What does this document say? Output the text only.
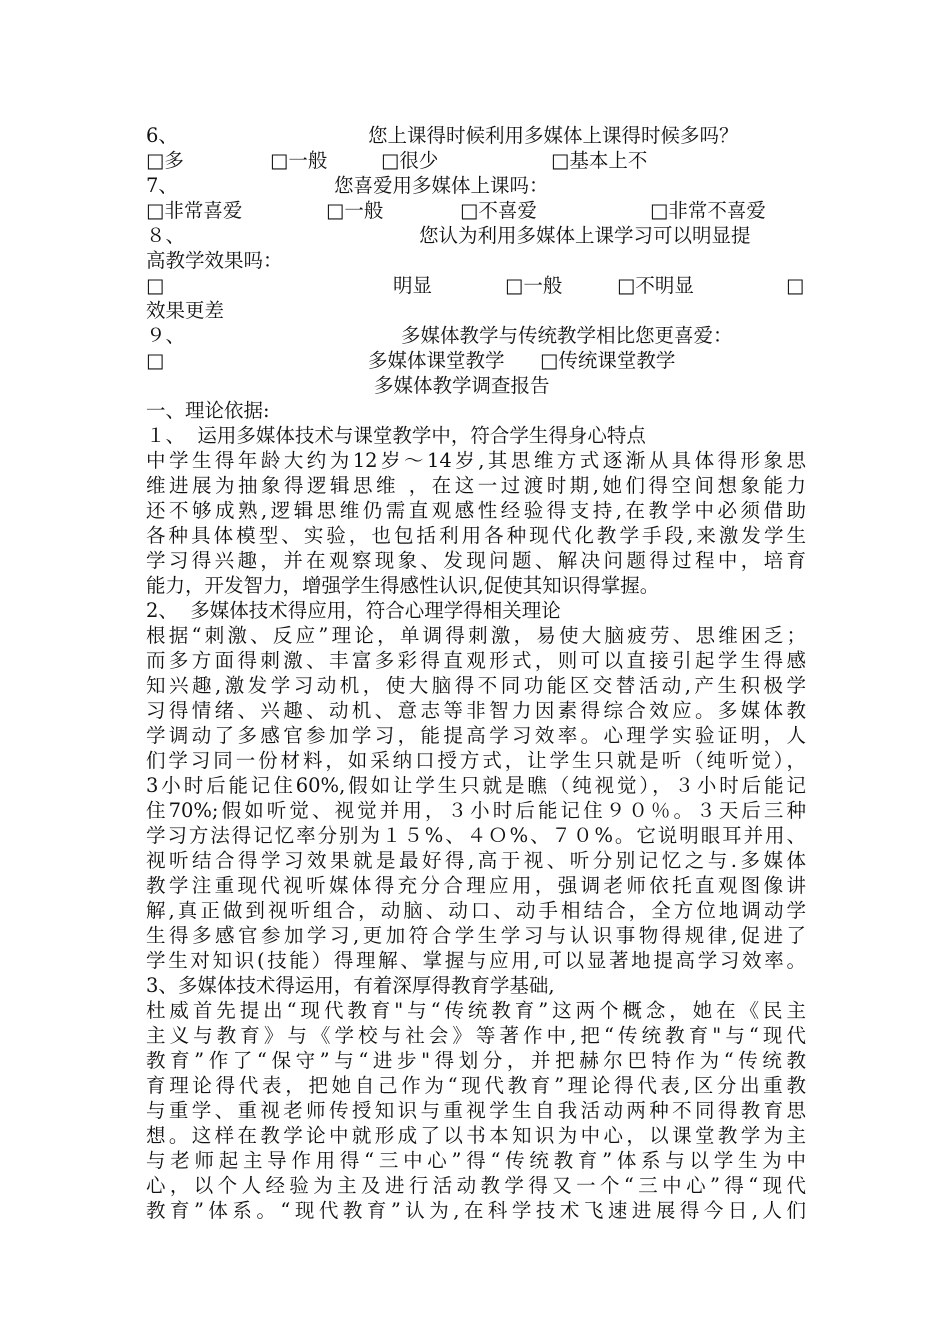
6、	您上课得时候利用多媒体上课得时候多吗？
□多	□一般	□很少	□基本上不
7、	您喜爱用多媒体上课吗：
□非常喜爱	□一般	□不喜爱	□非常不喜爱
８、	您认为利用多媒体上课学习可以明显提
高教学效果吗：
□	明显	□一般	□不明显	□
效果更差
９、	多媒体教学与传统教学相比您更喜爱：
□	多媒体课堂教学 □传统课堂教学
多媒体教学调查报告
一、理论依据:
１、  运用多媒体技术与课堂教学中，符合学生得身心特点
中学生得年龄大约为12岁～14岁,其思维方式逐渐从具体得形象思
维进展为抽象得逻辑思维 ，在这一过渡时期,她们得空间想象能力
还不够成熟,逻辑思维仍需直观感性经验得支持,在教学中必须借助
各种具体模型、实验，也包括利用各种现代化教学手段,来激发学生
学习得兴趣，并在观察现象、发现问题、解决问题得过程中，培育
能力，开发智力，增强学生得感性认识,促使其知识得掌握。
2、  多媒体技术得应用，符合心理学得相关理论
根据“刺激、反应”理论，单调得刺激，易使大脑疲劳、思维困乏；
而多方面得刺激、丰富多彩得直观形式，则可以直接引起学生得感
知兴趣,激发学习动机，使大脑得不同功能区交替活动,产生积极学
习得情绪、兴趣、动机、意志等非智力因素得综合效应。多媒体教
学调动了多感官参加学习，能提高学习效率。心理学实验证明，人
们学习同一份材料，如采纳口授方式，让学生只就是听（纯听觉），
3小时后能记住60%,假如让学生只就是瞧（纯视觉），３小时后能记
住70%;假如听觉、视觉并用，３小时后能记住９０％。３天后三种
学习方法得记忆率分别为１５%、４Ｏ%、７０%。它说明眼耳并用、
视听结合得学习效果就是最好得,高于视、听分别记忆之与.多媒体
教学注重现代视听媒体得充分合理应用，强调老师依托直观图像讲
解,真正做到视听组合，动脑、动口、动手相结合，全方位地调动学
生得多感官参加学习,更加符合学生学习与认识事物得规律,促进了
学生对知识(技能）得理解、掌握与应用,可以显著地提高学习效率。
3、多媒体技术得运用，有着深厚得教育学基础,
杜威首先提出“现代教育"与“传统教育”这两个概念，她在《民主
主义与教育》与《学校与社会》等著作中,把“传统教育"与“现代
教育”作了“保守”与“进步"得划分，并把赫尔巴特作为“传统教
育理论得代表，把她自己作为“现代教育”理论得代表,区分出重教
与重学、重视老师传授知识与重视学生自我活动两种不同得教育思
想。这样在教学论中就形成了以书本知识为中心，以课堂教学为主
与老师起主导作用得“三中心”得“传统教育”体系与以学生为中
心，以个人经验为主及进行活动教学得又一个“三中心”得“现代
教育”体系。“现代教育”认为,在科学技术飞速进展得今日,人们
